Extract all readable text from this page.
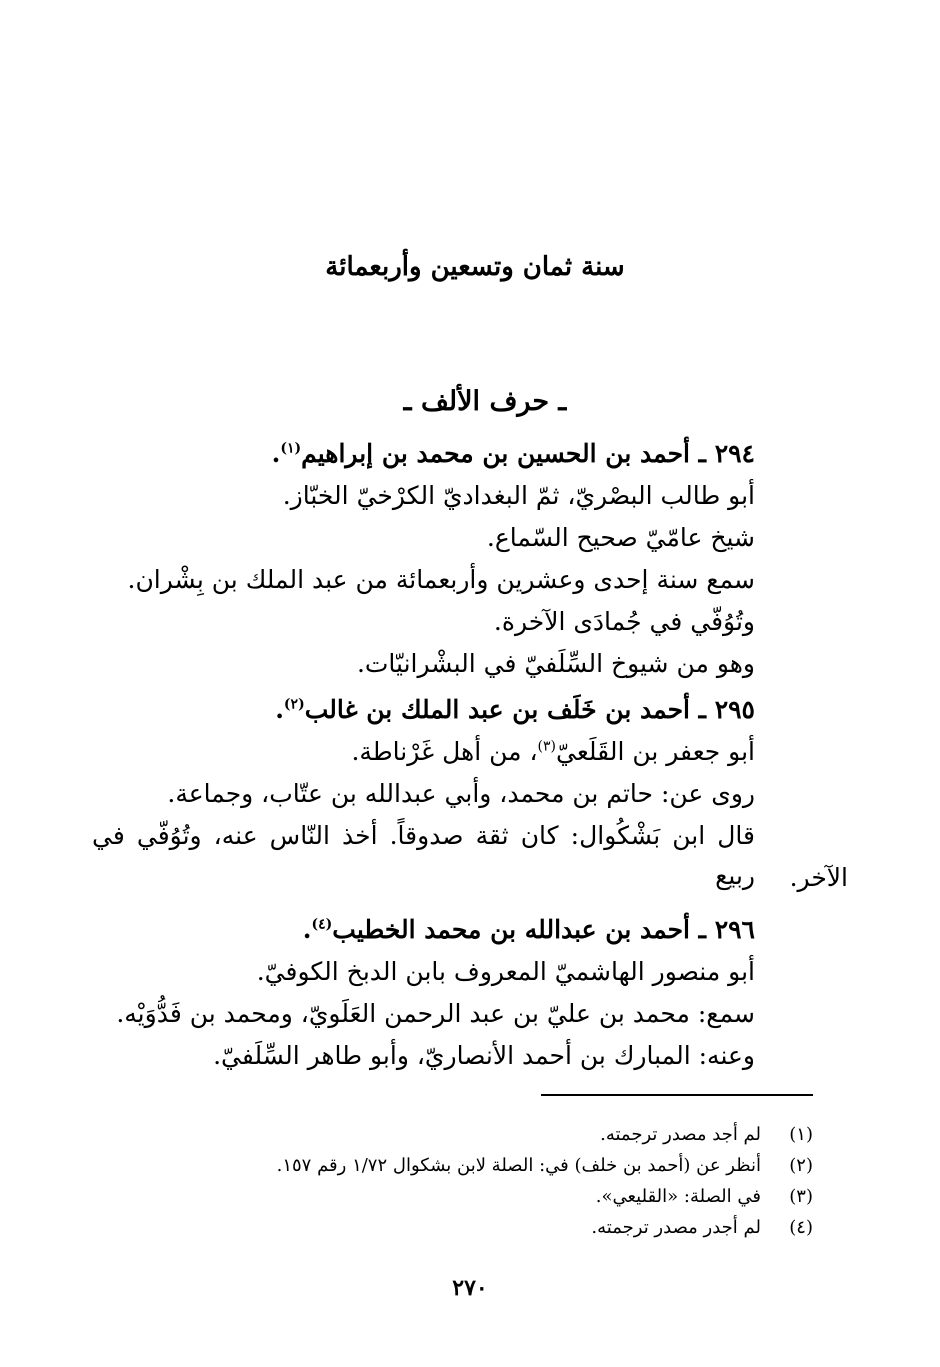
سنة ثمان وتسعين وأربعمائة
ـ حرف الألف ـ
٢٩٤ ـ أحمد بن الحسين بن محمد بن إبراهيم$^{(١)}$.
أبو طالب البصْريّ، ثمّ البغداديّ الكرْخيّ الخبّاز.
شيخ عامّيّ صحيح السّماع.
سمع سنة إحدى وعشرين وأربعمائة من عبد الملك بن بِشْران.
وتُوُفّي في جُمادَى الآخرة.
وهو من شيوخ السِّلَفيّ في البشْرانيّات.
٢٩٥ ـ أحمد بن خَلَف بن عبد الملك بن غالب$^{(٢)}$.
أبو جعفر بن القَلَعيّ$^{(٣)}$، من أهل غَرْناطة.
روى عن: حاتم بن محمد، وأبي عبدالله بن عتّاب، وجماعة.
قال ابن بَشْكُوال: كان ثقة صدوقاً. أخذ النّاس عنه، وتُوُفّي في ربيع الآخر.
٢٩٦ ـ أحمد بن عبدالله بن محمد الخطيب$^{(٤)}$.
أبو منصور الهاشميّ المعروف بابن الدبخ الكوفيّ.
سمع: محمد بن عليّ بن عبد الرحمن العَلَويّ، ومحمد بن فَدُّوَيْه.
وعنه: المبارك بن أحمد الأنصاريّ، وأبو طاهر السِّلَفيّ.
(١)لم أجد مصدر ترجمته.
(٢)أنظر عن (أحمد بن خلف) في: الصلة لابن بشكوال ١/٧٢ رقم ١٥٧.
(٣)في الصلة: «القليعي».
(٤)لم أجدر مصدر ترجمته.
٢٧٠
